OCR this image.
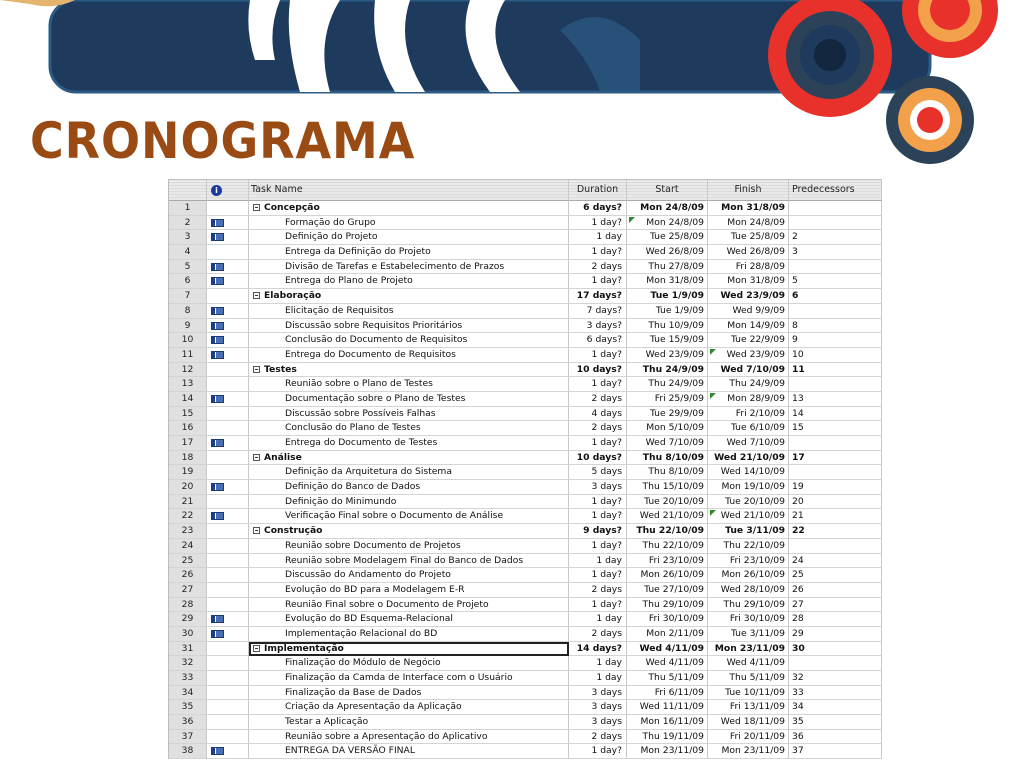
CRONOGRAMA
i	Task Name	Duration	Start	Finish	Predecessors
1	Concepção	6 days?	Mon 24/8/09	Mon 31/8/09
2	Formação do Grupo	1 day?	Mon 24/8/09	Mon 24/8/09
3	Definição do Projeto	1 day	Tue 25/8/09	Tue 25/8/09 2
4	Entrega da Definição do Projeto	1 day?	Wed 26/8/09	Wed 26/8/09 3
5	Divisão de Tarefas e Estabelecimento de Prazos	2 days	Thu 27/8/09	Fri 28/8/09
6	Entrega do Plano de Projeto	1 day?	Mon 31/8/09	Mon 31/8/09 5
7	Elaboração	17 days?	Tue 1/9/09	Wed 23/9/09 6
8	Elicitação de Requisitos	7 days?	Tue 1/9/09	Wed 9/9/09
9	Discussão sobre Requisitos Prioritários	3 days?	Thu 10/9/09	Mon 14/9/09 8
10	Conclusão do Documento de Requisitos	6 days?	Tue 15/9/09	Tue 22/9/09 9
11	Entrega do Documento de Requisitos	1 day?	Wed 23/9/09	Wed 23/9/09 10
12	Testes	10 days?	Thu 24/9/09	Wed 7/10/09 11
13	Reunião sobre o Plano de Testes	1 day?	Thu 24/9/09	Thu 24/9/09
14	Documentação sobre o Plano de Testes	2 days	Fri 25/9/09	Mon 28/9/09 13
15	Discussão sobre Possíveis Falhas	4 days	Tue 29/9/09	Fri 2/10/09 14
16	Conclusão do Plano de Testes	2 days	Mon 5/10/09	Tue 6/10/09 15
17	Entrega do Documento de Testes	1 day?	Wed 7/10/09	Wed 7/10/09
18	Análise	10 days?	Thu 8/10/09	Wed 21/10/09 17
19	Definição da Arquitetura do Sistema	5 days	Thu 8/10/09	Wed 14/10/09
20	Definição do Banco de Dados	3 days	Thu 15/10/09	Mon 19/10/09 19
21	Definição do Minimundo	1 day?	Tue 20/10/09	Tue 20/10/09 20
22	Verificação Final sobre o Documento de Análise	1 day?	Wed 21/10/09	Wed 21/10/09 21
23	Construção	9 days?	Thu 22/10/09	Tue 3/11/09 22
24	Reunião sobre Documento de Projetos	1 day?	Thu 22/10/09	Thu 22/10/09
25	Reunião sobre Modelagem Final do Banco de Dados	1 day	Fri 23/10/09	Fri 23/10/09 24
26	Discussão do Andamento do Projeto	1 day?	Mon 26/10/09	Mon 26/10/09 25
27	Evolução do BD para a Modelagem E-R	2 days	Tue 27/10/09	Wed 28/10/09 26
28	Reunião Final sobre o Documento de Projeto	1 day?	Thu 29/10/09	Thu 29/10/09 27
29	Evolução do BD Esquema-Relacional	1 day	Fri 30/10/09	Fri 30/10/09 28
30	Implementação Relacional do BD	2 days	Mon 2/11/09	Tue 3/11/09 29
31	Implementação	14 days?	Wed 4/11/09	Mon 23/11/09 30
32	Finalização do Módulo de Negócio	1 day	Wed 4/11/09	Wed 4/11/09
33	Finalização da Camda de Interface com o Usuário	1 day	Thu 5/11/09	Thu 5/11/09 32
34	Finalização da Base de Dados	3 days	Fri 6/11/09	Tue 10/11/09 33
35	Criação da Apresentação da Aplicação	3 days	Wed 11/11/09	Fri 13/11/09 34
36	Testar a Aplicação	3 days	Mon 16/11/09	Wed 18/11/09 35
37	Reunião sobre a Apresentação do Aplicativo	2 days	Thu 19/11/09	Fri 20/11/09 36
38	ENTREGA DA VERSÃO FINAL	1 day?	Mon 23/11/09	Mon 23/11/09 37
